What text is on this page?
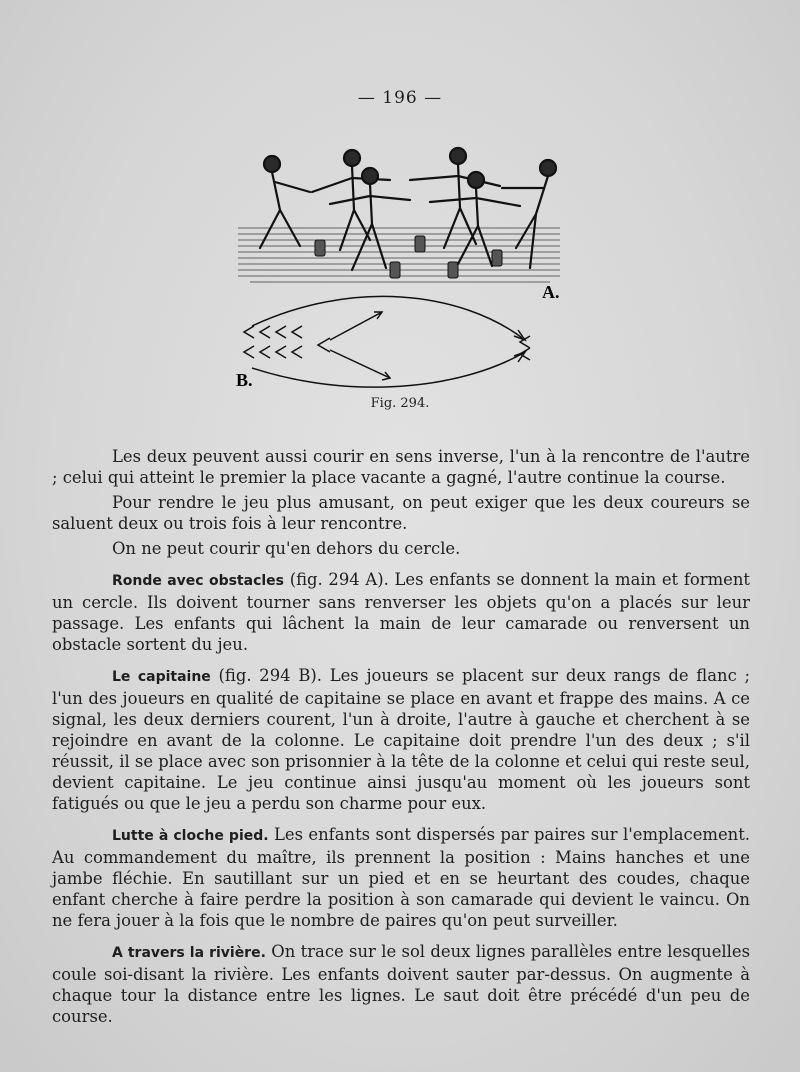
— 196 —
A.
B.
Fig. 294.

Les deux peuvent aussi courir en sens inverse, l'un à la rencontre de l'autre ; celui qui atteint le premier la place vacante a gagné, l'autre continue la course.

Pour rendre le jeu plus amusant, on peut exiger que les deux coureurs se saluent deux ou trois fois à leur rencontre.

On ne peut courir qu'en dehors du cercle.

Ronde avec obstacles (fig. 294 A). Les enfants se donnent la main et forment un cercle. Ils doivent tourner sans renverser les objets qu'on a placés sur leur passage. Les enfants qui lâchent la main de leur camarade ou renversent un obstacle sortent du jeu.

Le capitaine (fig. 294 B). Les joueurs se placent sur deux rangs de flanc ; l'un des joueurs en qualité de capitaine se place en avant et frappe des mains. A ce signal, les deux derniers courent, l'un à droite, l'autre à gauche et cherchent à se rejoindre en avant de la colonne. Le capitaine doit prendre l'un des deux ; s'il réussit, il se place avec son prisonnier à la tête de la colonne et celui qui reste seul, devient capitaine. Le jeu continue ainsi jusqu'au moment où les joueurs sont fatigués ou que le jeu a perdu son charme pour eux.

Lutte à cloche pied. Les enfants sont dispersés par paires sur l'emplacement. Au commandement du maître, ils prennent la position : Mains hanches et une jambe fléchie. En sautillant sur un pied et en se heurtant des coudes, chaque enfant cherche à faire perdre la position à son camarade qui devient le vaincu. On ne fera jouer à la fois que le nombre de paires qu'on peut surveiller.

A travers la rivière. On trace sur le sol deux lignes parallèles entre lesquelles coule soi-disant la rivière. Les enfants doivent sauter par-dessus. On augmente à chaque tour la distance entre les lignes. Le saut doit être précédé d'un peu de course.
